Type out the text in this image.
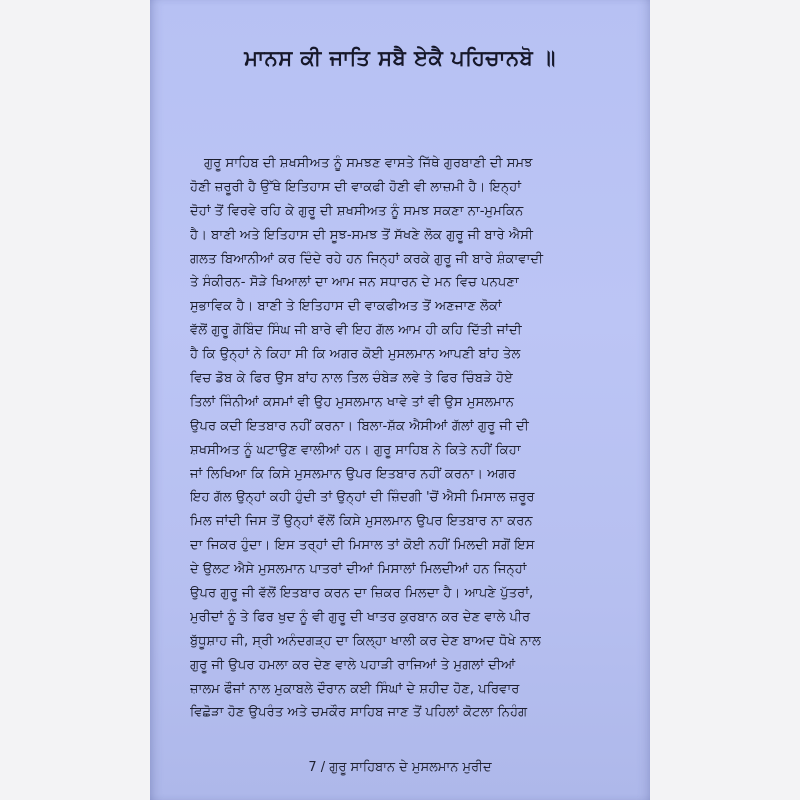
ਮਾਨਸ ਕੀ ਜਾਤਿ ਸਬੈ ਏਕੈ ਪਹਿਚਾਨਬੋ ॥
ਗੁਰੂ ਸਾਹਿਬ ਦੀ ਸ਼ਖਸੀਅਤ ਨੂੰ ਸਮਝਣ ਵਾਸਤੇ ਜਿੱਥੇ ਗੁਰਬਾਣੀ ਦੀ ਸਮਝ
ਹੋਣੀ ਜ਼ਰੂਰੀ ਹੈ ਉੱਥੇ ਇਤਿਹਾਸ ਦੀ ਵਾਕਫੀ ਹੋਣੀ ਵੀ ਲਾਜ਼ਮੀ ਹੈ। ਇਨ੍ਹਾਂ
ਦੋਹਾਂ ਤੋਂ ਵਿਰਵੇ ਰਹਿ ਕੇ ਗੁਰੂ ਦੀ ਸ਼ਖਸੀਅਤ ਨੂੰ ਸਮਝ ਸਕਣਾ ਨਾ-ਮੁਮਕਿਨ
ਹੈ। ਬਾਣੀ ਅਤੇ ਇਤਿਹਾਸ ਦੀ ਸੂਝ-ਸਮਝ ਤੋਂ ਸੱਖਣੇ ਲੋਕ ਗੁਰੂ ਜੀ ਬਾਰੇ ਐਸੀ
ਗਲਤ ਬਿਆਨੀਆਂ ਕਰ ਦਿੰਦੇ ਰਹੇ ਹਨ ਜਿਨ੍ਹਾਂ ਕਰਕੇ ਗੁਰੂ ਜੀ ਬਾਰੇ ਸ਼ੰਕਾਵਾਦੀ
ਤੇ ਸੰਕੀਰਨ- ਸੋੜੇ ਖਿਆਲਾਂ ਦਾ ਆਮ ਜਨ ਸਧਾਰਨ ਦੇ ਮਨ ਵਿਚ ਪਨਪਣਾ
ਸੁਭਾਵਿਕ ਹੈ। ਬਾਣੀ ਤੇ ਇਤਿਹਾਸ ਦੀ ਵਾਕਫੀਅਤ ਤੋਂ ਅਣਜਾਣ ਲੋਕਾਂ
ਵੱਲੋਂ ਗੁਰੂ ਗੋਬਿੰਦ ਸਿੰਘ ਜੀ ਬਾਰੇ ਵੀ ਇਹ ਗੱਲ ਆਮ ਹੀ ਕਹਿ ਦਿੱਤੀ ਜਾਂਦੀ
ਹੈ ਕਿ ਉਨ੍ਹਾਂ ਨੇ ਕਿਹਾ ਸੀ ਕਿ ਅਗਰ ਕੋਈ ਮੁਸਲਮਾਨ ਆਪਣੀ ਬਾਂਹ ਤੇਲ
ਵਿਚ ਡੋਬ ਕੇ ਫਿਰ ਉਸ ਬਾਂਹ ਨਾਲ ਤਿਲ ਚੰਬੇੜ ਲਵੇ ਤੇ ਫਿਰ ਚਿੰਬੜੇ ਹੋਏ
ਤਿਲਾਂ ਜਿੰਨੀਆਂ ਕਸਮਾਂ ਵੀ ਉਹ ਮੁਸਲਮਾਨ ਖਾਵੇ ਤਾਂ ਵੀ ਉਸ ਮੁਸਲਮਾਨ
ਉਪਰ ਕਦੀ ਇਤਬਾਰ ਨਹੀਂ ਕਰਨਾ। ਬਿਲਾ-ਸ਼ੱਕ ਐਸੀਆਂ ਗੱਲਾਂ ਗੁਰੂ ਜੀ ਦੀ
ਸ਼ਖਸੀਅਤ ਨੂੰ ਘਟਾਉਣ ਵਾਲੀਆਂ ਹਨ। ਗੁਰੂ ਸਾਹਿਬ ਨੇ ਕਿਤੇ ਨਹੀਂ ਕਿਹਾ
ਜਾਂ ਲਿਖਿਆ ਕਿ ਕਿਸੇ ਮੁਸਲਮਾਨ ਉਪਰ ਇਤਬਾਰ ਨਹੀਂ ਕਰਨਾ। ਅਗਰ
ਇਹ ਗੱਲ ਉਨ੍ਹਾਂ ਕਹੀ ਹੁੰਦੀ ਤਾਂ ਉਨ੍ਹਾਂ ਦੀ ਜ਼ਿੰਦਗੀ 'ਚੋਂ ਐਸੀ ਮਿਸਾਲ ਜ਼ਰੂਰ
ਮਿਲ ਜਾਂਦੀ ਜਿਸ ਤੋਂ ਉਨ੍ਹਾਂ ਵੱਲੋਂ ਕਿਸੇ ਮੁਸਲਮਾਨ ਉਪਰ ਇਤਬਾਰ ਨਾ ਕਰਨ
ਦਾ ਜਿਕਰ ਹੁੰਦਾ। ਇਸ ਤਰ੍ਹਾਂ ਦੀ ਮਿਸਾਲ ਤਾਂ ਕੋਈ ਨਹੀਂ ਮਿਲਦੀ ਸਗੋਂ ਇਸ
ਦੇ ਉਲਟ ਐਸੇ ਮੁਸਲਮਾਨ ਪਾਤਰਾਂ ਦੀਆਂ ਮਿਸਾਲਾਂ ਮਿਲਦੀਆਂ ਹਨ ਜਿਨ੍ਹਾਂ
ਉਪਰ ਗੁਰੂ ਜੀ ਵੱਲੋਂ ਇਤਬਾਰ ਕਰਨ ਦਾ ਜ਼ਿਕਰ ਮਿਲਦਾ ਹੈ। ਆਪਣੇ ਪੁੱਤਰਾਂ,
ਮੁਰੀਦਾਂ ਨੂੰ ਤੇ ਫਿਰ ਖੁਦ ਨੂੰ ਵੀ ਗੁਰੂ ਦੀ ਖਾਤਰ ਕੁਰਬਾਨ ਕਰ ਦੇਣ ਵਾਲੇ ਪੀਰ
ਬੁੱਧੂਸ਼ਾਹ ਜੀ, ਸ੍ਰੀ ਅਨੰਦਗੜ੍ਹ ਦਾ ਕਿਲ੍ਹਾ ਖਾਲੀ ਕਰ ਦੇਣ ਬਾਅਦ ਧੋਖੇ ਨਾਲ
ਗੁਰੂ ਜੀ ਉਪਰ ਹਮਲਾ ਕਰ ਦੇਣ ਵਾਲੇ ਪਹਾੜੀ ਰਾਜਿਆਂ ਤੇ ਮੁਗਲਾਂ ਦੀਆਂ
ਜ਼ਾਲਮ ਫੌਜਾਂ ਨਾਲ ਮੁਕਾਬਲੇ ਦੌਰਾਨ ਕਈ ਸਿੰਘਾਂ ਦੇ ਸ਼ਹੀਦ ਹੋਣ, ਪਰਿਵਾਰ
ਵਿਛੋੜਾ ਹੋਣ ਉਪਰੰਤ ਅਤੇ ਚਮਕੌਰ ਸਾਹਿਬ ਜਾਣ ਤੋਂ ਪਹਿਲਾਂ ਕੋਟਲਾ ਨਿਹੰਗ
7 / ਗੁਰੂ ਸਾਹਿਬਾਨ ਦੇ ਮੁਸਲਮਾਨ ਮੁਰੀਦ
